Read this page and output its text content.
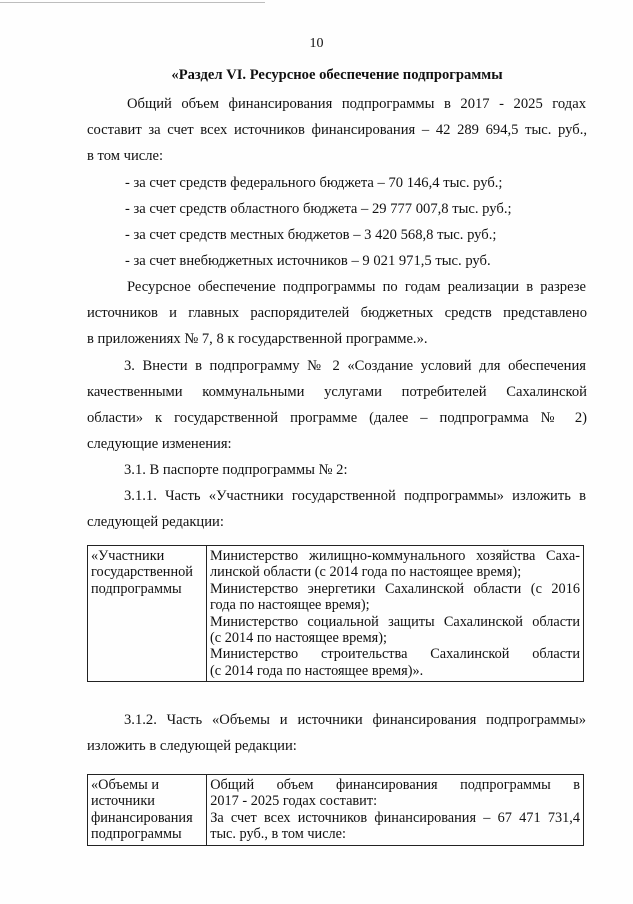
10
«Раздел VI. Ресурсное обеспечение подпрограммы
Общий объем финансирования подпрограммы в 2017 - 2025 годах
составит за счет всех источников финансирования – 42 289 694,5 тыс. руб.,
в том числе:
- за счет средств федерального бюджета – 70 146,4 тыс. руб.;
- за счет средств областного бюджета – 29 777 007,8 тыс. руб.;
- за счет средств местных бюджетов – 3 420 568,8 тыс. руб.;
- за счет внебюджетных источников – 9 021 971,5 тыс. руб.
Ресурсное обеспечение подпрограммы по годам реализации в разрезе
источников и главных распорядителей бюджетных средств представлено
в приложениях № 7, 8 к государственной программе.».
3. Внести в подпрограмму № 2 «Создание условий для обеспечения
качественными коммунальными услугами потребителей Сахалинской
области» к государственной программе (далее – подпрограмма № 2)
следующие изменения:
3.1. В паспорте подпрограммы № 2:
3.1.1. Часть «Участники государственной подпрограммы» изложить в
следующей редакции:
«Участники
государственной
подпрограммы

Министерство жилищно-коммунального хозяйства Саха-
линской области (с 2014 года по настоящее время);
Министерство энергетики Сахалинской области (с 2016
года по настоящее время);
Министерство социальной защиты Сахалинской области
(с 2014 по настоящее время);
Министерство строительства Сахалинской области
(с 2014 года по настоящее время)».
3.1.2. Часть «Объемы и источники финансирования подпрограммы»
изложить в следующей редакции:
«Объемы и
источники
финансирования
подпрограммы

Общий объем финансирования подпрограммы в
2017 - 2025 годах составит:
За счет всех источников финансирования – 67 471 731,4
тыс. руб., в том числе:
